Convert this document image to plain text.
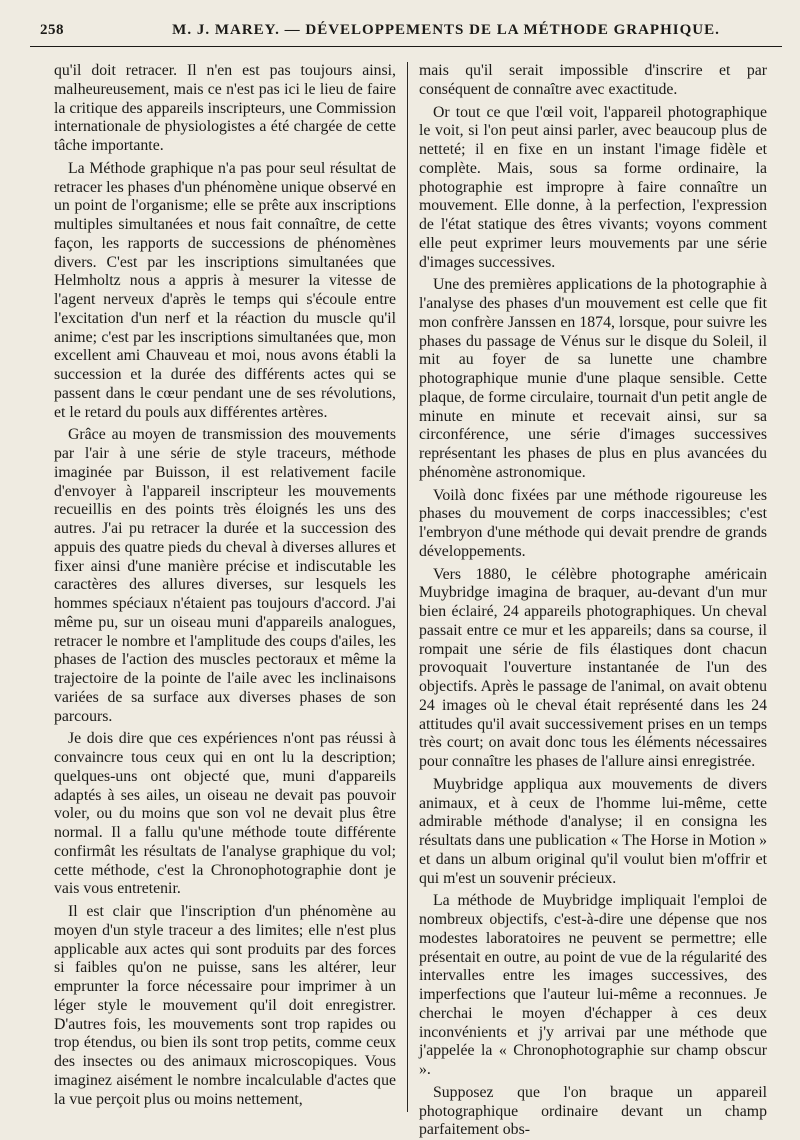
258	M. J. MAREY. — DÉVELOPPEMENTS DE LA MÉTHODE GRAPHIQUE.

qu'il doit retracer. Il n'en est pas toujours ainsi, malheureusement, mais ce n'est pas ici le lieu de faire la critique des appareils inscripteurs, une Commission internationale de physiologistes a été chargée de cette tâche importante.

La Méthode graphique n'a pas pour seul résultat de retracer les phases d'un phénomène unique observé en un point de l'organisme; elle se prête aux inscriptions multiples simultanées et nous fait connaître, de cette façon, les rapports de successions de phénomènes divers. C'est par les inscriptions simultanées que Helmholtz nous a appris à mesurer la vitesse de l'agent nerveux d'après le temps qui s'écoule entre l'excitation d'un nerf et la réaction du muscle qu'il anime; c'est par les inscriptions simultanées que, mon excellent ami Chauveau et moi, nous avons établi la succession et la durée des différents actes qui se passent dans le cœur pendant une de ses révolutions, et le retard du pouls aux différentes artères.

Grâce au moyen de transmission des mouvements par l'air à une série de style traceurs, méthode imaginée par Buisson, il est relativement facile d'envoyer à l'appareil inscripteur les mouvements recueillis en des points très éloignés les uns des autres. J'ai pu retracer la durée et la succession des appuis des quatre pieds du cheval à diverses allures et fixer ainsi d'une manière précise et indiscutable les caractères des allures diverses, sur lesquels les hommes spéciaux n'étaient pas toujours d'accord. J'ai même pu, sur un oiseau muni d'appareils analogues, retracer le nombre et l'amplitude des coups d'ailes, les phases de l'action des muscles pectoraux et même la trajectoire de la pointe de l'aile avec les inclinaisons variées de sa surface aux diverses phases de son parcours.

Je dois dire que ces expériences n'ont pas réussi à convaincre tous ceux qui en ont lu la description; quelques-uns ont objecté que, muni d'appareils adaptés à ses ailes, un oiseau ne devait pas pouvoir voler, ou du moins que son vol ne devait plus être normal. Il a fallu qu'une méthode toute différente confirmât les résultats de l'analyse graphique du vol; cette méthode, c'est la Chronophotographie dont je vais vous entretenir.

Il est clair que l'inscription d'un phénomène au moyen d'un style traceur a des limites; elle n'est plus applicable aux actes qui sont produits par des forces si faibles qu'on ne puisse, sans les altérer, leur emprunter la force nécessaire pour imprimer à un léger style le mouvement qu'il doit enregistrer. D'autres fois, les mouvements sont trop rapides ou trop étendus, ou bien ils sont trop petits, comme ceux des insectes ou des animaux microscopiques. Vous imaginez aisément le nombre incalculable d'actes que la vue perçoit plus ou moins nettement,

mais qu'il serait impossible d'inscrire et par conséquent de connaître avec exactitude.

Or tout ce que l'œil voit, l'appareil photographique le voit, si l'on peut ainsi parler, avec beaucoup plus de netteté; il en fixe en un instant l'image fidèle et complète. Mais, sous sa forme ordinaire, la photographie est impropre à faire connaître un mouvement. Elle donne, à la perfection, l'expression de l'état statique des êtres vivants; voyons comment elle peut exprimer leurs mouvements par une série d'images successives.

Une des premières applications de la photographie à l'analyse des phases d'un mouvement est celle que fit mon confrère Janssen en 1874, lorsque, pour suivre les phases du passage de Vénus sur le disque du Soleil, il mit au foyer de sa lunette une chambre photographique munie d'une plaque sensible. Cette plaque, de forme circulaire, tournait d'un petit angle de minute en minute et recevait ainsi, sur sa circonférence, une série d'images successives représentant les phases de plus en plus avancées du phénomène astronomique.

Voilà donc fixées par une méthode rigoureuse les phases du mouvement de corps inaccessibles; c'est l'embryon d'une méthode qui devait prendre de grands développements.

Vers 1880, le célèbre photographe américain Muybridge imagina de braquer, au-devant d'un mur bien éclairé, 24 appareils photographiques. Un cheval passait entre ce mur et les appareils; dans sa course, il rompait une série de fils élastiques dont chacun provoquait l'ouverture instantanée de l'un des objectifs. Après le passage de l'animal, on avait obtenu 24 images où le cheval était représenté dans les 24 attitudes qu'il avait successivement prises en un temps très court; on avait donc tous les éléments nécessaires pour connaître les phases de l'allure ainsi enregistrée.

Muybridge appliqua aux mouvements de divers animaux, et à ceux de l'homme lui-même, cette admirable méthode d'analyse; il en consigna les résultats dans une publication « The Horse in Motion » et dans un album original qu'il voulut bien m'offrir et qui m'est un souvenir précieux.

La méthode de Muybridge impliquait l'emploi de nombreux objectifs, c'est-à-dire une dépense que nos modestes laboratoires ne peuvent se permettre; elle présentait en outre, au point de vue de la régularité des intervalles entre les images successives, des imperfections que l'auteur lui-même a reconnues. Je cherchai le moyen d'échapper à ces deux inconvénients et j'y arrivai par une méthode que j'appelée la « Chronophotographie sur champ obscur ».

Supposez que l'on braque un appareil photographique ordinaire devant un champ parfaitement obs-
